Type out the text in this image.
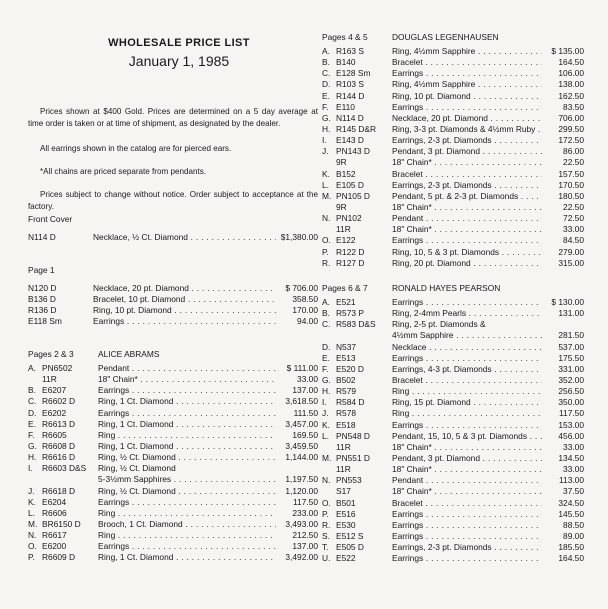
WHOLESALE PRICE LIST
January 1, 1985

Prices shown at $400 Gold. Prices are determined on a 5 day average at time order is taken or at time of shipment, as designated by the dealer.

All earrings shown in the catalog are for pierced ears.

*All chains are priced separate from pendants.

Prices subject to change without notice. Order subject to acceptance at the factory.

Front Cover
N114 D	Necklace, ½ Ct. Diamond . . .	$1,380.00
Page 1
N120 D	Necklace, 20 pt. Diamond . . .	$ 706.00
B136 D	Bracelet, 10 pt. Diamond . . .	358.50
R136 D	Ring, 10 pt. Diamond . . .	170.00
E118 Sm	Earrings . . .	94.00
Pages 2 & 3	ALICE ABRAMS
A. PN6502	Pendant . . .	$ 111.00
11R	18" Chain* . . .	33.00
B. E6207	Earrings . . .	137.00
C. R6602 D	Ring, 1 Ct. Diamond . . .	3,618.50
D. E6202	Earrings . . .	111.50
E. R6613 D	Ring, 1 Ct. Diamond . . .	3,457.00
F. R6605	Ring . . .	169.50
G. R6608 D	Ring, 1 Ct. Diamond . . .	3,459.50
H. R6616 D	Ring, ½ Ct. Diamond . . .	1,144.00
I.	R6603 D&S Ring, ½ Ct. Diamond
5-3½mm Sapphires . . .	1,197.50
J. R6618 D	Ring, ½ Ct. Diamond . . .	1,120.00
K. E6204	Earrings . . .	117.50
L. R6606	Ring . . .	233.00
M. BR6150 D Brooch, 1 Ct. Diamond . . .	3,493.00
N. R6617	Ring . . .	212.50
O. E6200	Earrings . . .	137.00
P. R6609 D	Ring, 1 Ct. Diamond . . .	3,492.00
Pages 4 & 5	DOUGLAS LEGENHAUSEN
A. R163 S	Ring, 4½mm Sapphire . . .	$ 135.00
B. B140	Bracelet . . .	164.50
C. E128 Sm	Earrings . . .	106.00
D. R103 S	Ring, 4½mm Sapphire . . .	138.00
E. R144 D	Ring, 10 pt. Diamond . . .	162.50
F. E110	Earrings . . .	83.50
G. N114 D	Necklace, 20 pt. Diamond . . .	706.00
H. R145 D&R Ring, 3-3 pt. Diamonds & 4½mm Ruby . . .	299.50
I.	E143 D	Earrings, 2-3 pt. Diamonds . . .	172.50
J. PN143 D	Pendant, 3 pt. Diamond . . .	86.00
9R	18" Chain* . . .	22.50
K. B152	Bracelet . . .	157.50
L. E105 D	Earrings, 2-3 pt. Diamonds . . .	170.50
M. PN105 D	Pendant, 5 pt. & 2-3 pt. Diamonds . . .	180.50
9R	18" Chain* . . .	22.50
N. PN102	Pendant . . .	72.50
11R	18" Chain* . . .	33.00
O. E122	Earrings . . .	84.50
P. R122 D	Ring, 10, 5 & 3 pt. Diamonds . . .	279.00
R. R127 D	Ring, 20 pt. Diamond . . .	315.00
Pages 6 & 7	RONALD HAYES PEARSON
A. E521	Earrings . . .	$ 130.00
B. R573 P	Ring, 2-4mm Pearls . . .	131.00
C. R583 D&S Ring, 2-5 pt. Diamonds &
4½mm Sapphire . . .	281.50
D. N537	Necklace . . .	537.00
E. E513	Earrings . . .	175.50
F. E520 D	Earrings, 4-3 pt. Diamonds . . .	331.00
G. B502	Bracelet . . .	352.00
H. R579	Ring . . .	256.50
I.	R584 D	Ring, 15 pt. Diamond . . .	350.00
J. R578	Ring . . .	117.50
K. E518	Earrings . . .	153.00
L. PN548 D	Pendant, 15, 10, 5 & 3 pt. Diamonds . . .	456.00
11R	18" Chain* . . .	33.00
M. PN551 D	Pendant, 3 pt. Diamond . . .	134.50
11R	18" Chain* . . .	33.00
N. PN553	Pendant . . .	113.00
S17	18" Chain* . . .	37.50
O. B501	Bracelet . . .	324.50
P. E516	Earrings . . .	145.50
R. E530	Earrings . . .	88.50
S. E512 S	Earrings . . .	89.00
T. E505 D	Earrings, 2-3 pt. Diamonds . . .	185.50
U. E522	Earrings . . .	164.50
